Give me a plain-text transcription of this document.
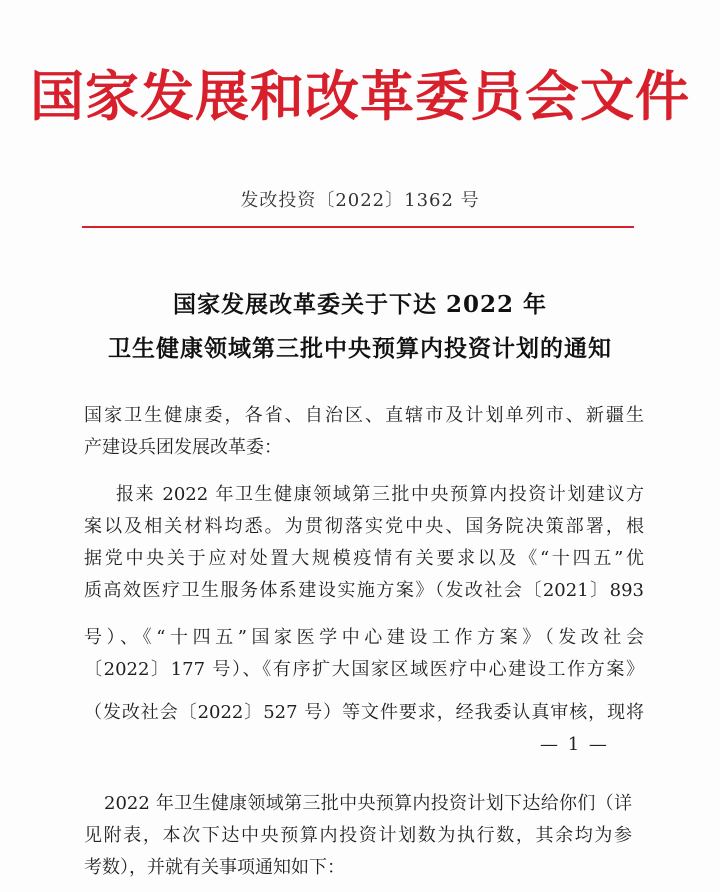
国家发展和改革委员会文件
发改投资〔2022〕1362 号
国家发展改革委关于下达 2022 年
卫生健康领域第三批中央预算内投资计划的通知
国家卫生健康委，各省、自治区、直辖市及计划单列市、新疆生
产建设兵团发展改革委：
报来 2022 年卫生健康领域第三批中央预算内投资计划建议方
案以及相关材料均悉。为贯彻落实党中央、国务院决策部署，根
据党中央关于应对处置大规模疫情有关要求以及《“十四五”优
质高效医疗卫生服务体系建设实施方案》（发改社会〔2021〕893
号）、《“十四五”国家医学中心建设工作方案》（发改社会
〔2022〕177 号）、《有序扩大国家区域医疗中心建设工作方案》
（发改社会〔2022〕527 号）等文件要求，经我委认真审核，现将
— 1 —
2022 年卫生健康领域第三批中央预算内投资计划下达给你们（详
见附表，本次下达中央预算内投资计划数为执行数，其余均为参
考数），并就有关事项通知如下：
